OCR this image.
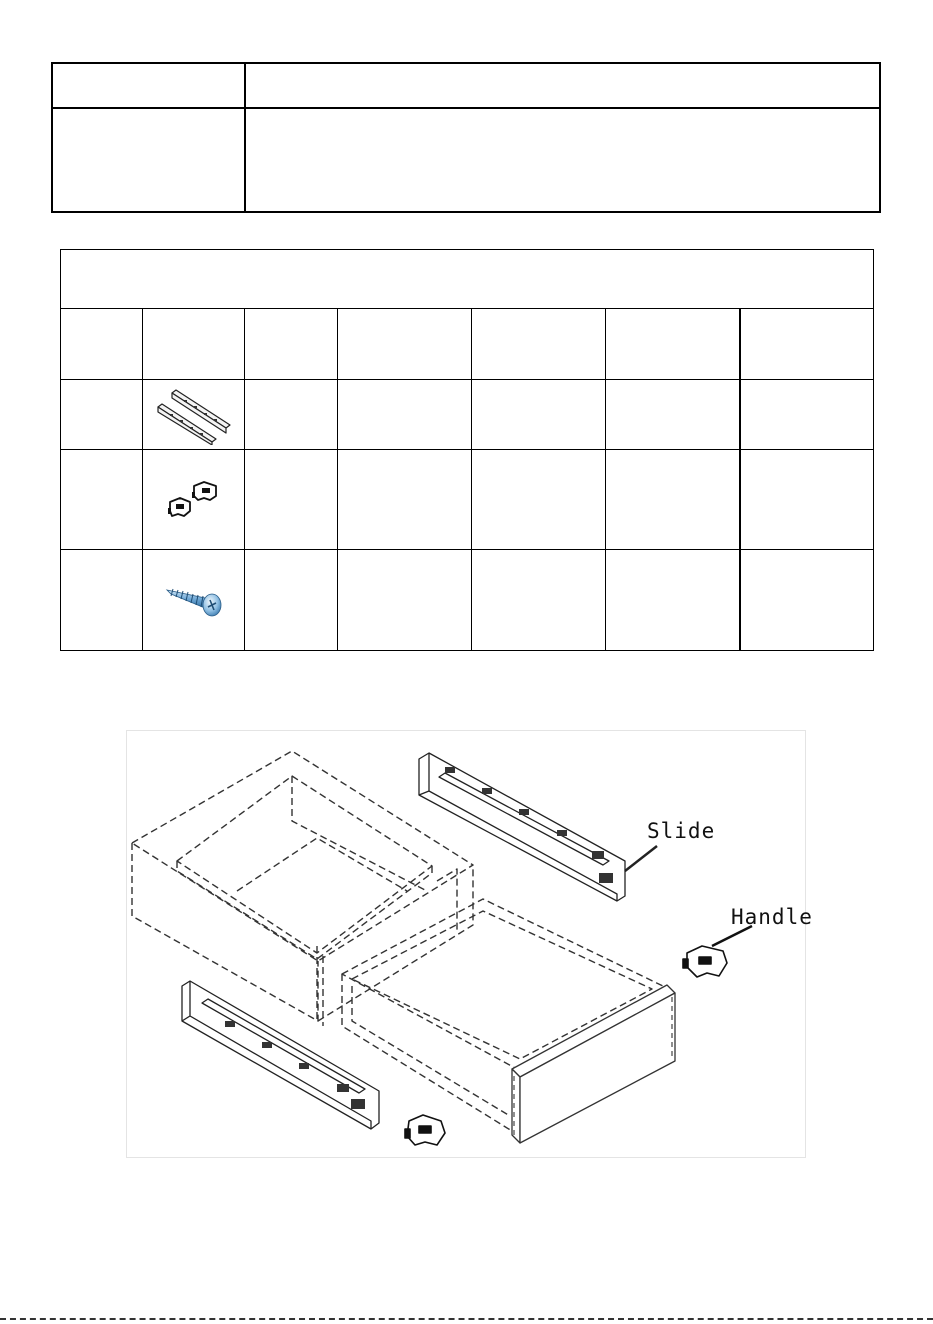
Slide
Handle
